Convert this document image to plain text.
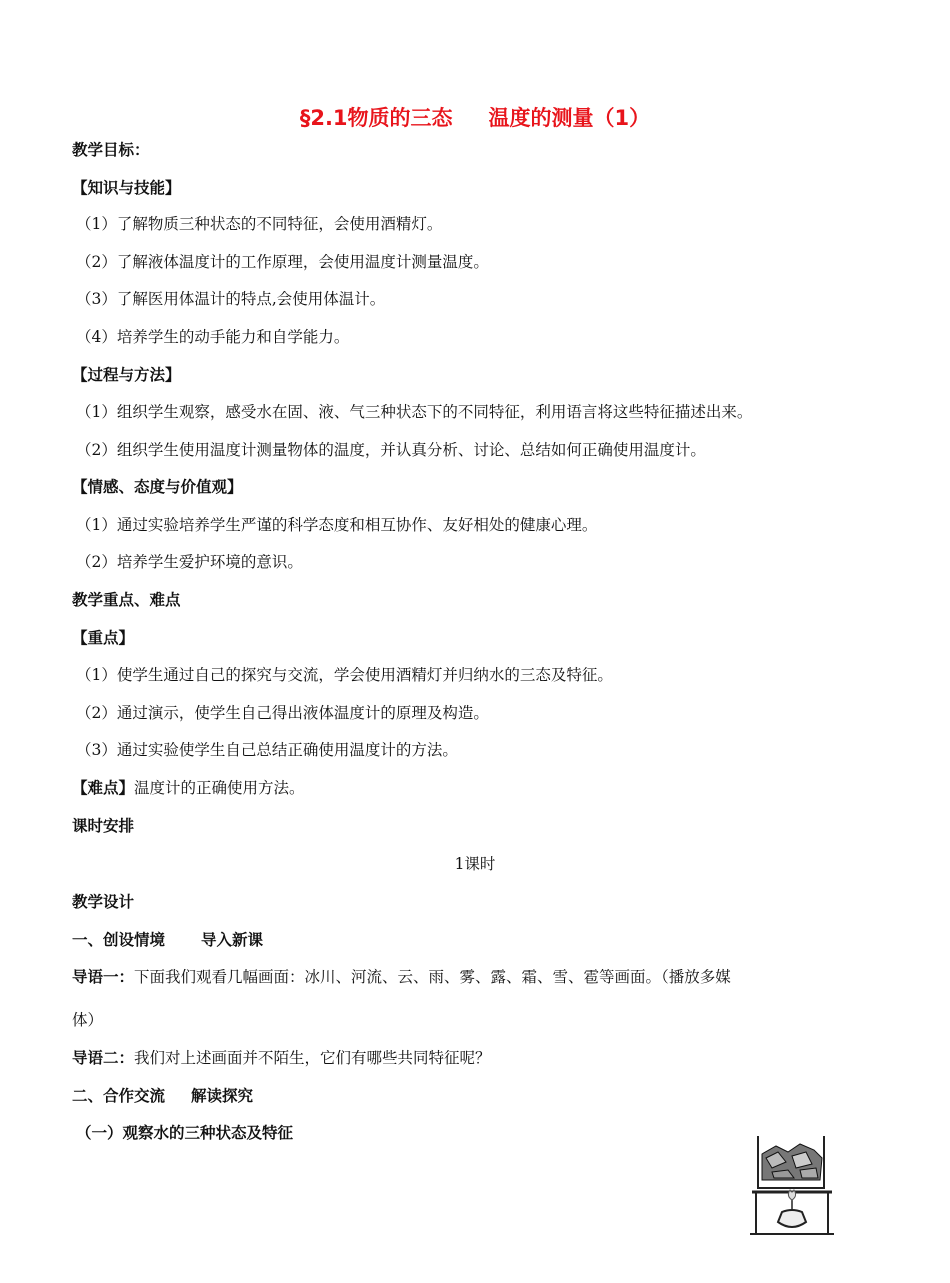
§2.1物质的三态 温度的测量（1）
教学目标：
【知识与技能】
（1）了解物质三种状态的不同特征，会使用酒精灯。
（2）了解液体温度计的工作原理，会使用温度计测量温度。
（3）了解医用体温计的特点,会使用体温计。
（4）培养学生的动手能力和自学能力。
【过程与方法】
（1）组织学生观察，感受水在固、液、气三种状态下的不同特征，利用语言将这些特征描述出来。
（2）组织学生使用温度计测量物体的温度，并认真分析、讨论、总结如何正确使用温度计。
【情感、态度与价值观】
（1）通过实验培养学生严谨的科学态度和相互协作、友好相处的健康心理。
（2）培养学生爱护环境的意识。
教学重点、难点
【重点】
（1）使学生通过自己的探究与交流，学会使用酒精灯并归纳水的三态及特征。
（2）通过演示，使学生自己得出液体温度计的原理及构造。
（3）通过实验使学生自己总结正确使用温度计的方法。
【难点】温度计的正确使用方法。
课时安排
1课时
教学设计
一、创设情境 导入新课
导语一：下面我们观看几幅画面：冰川、河流、云、雨、雾、露、霜、雪、雹等画面。（播放多媒
体）
导语二：我们对上述画面并不陌生，它们有哪些共同特征呢？
二、合作交流 解读探究
（一）观察水的三种状态及特征
